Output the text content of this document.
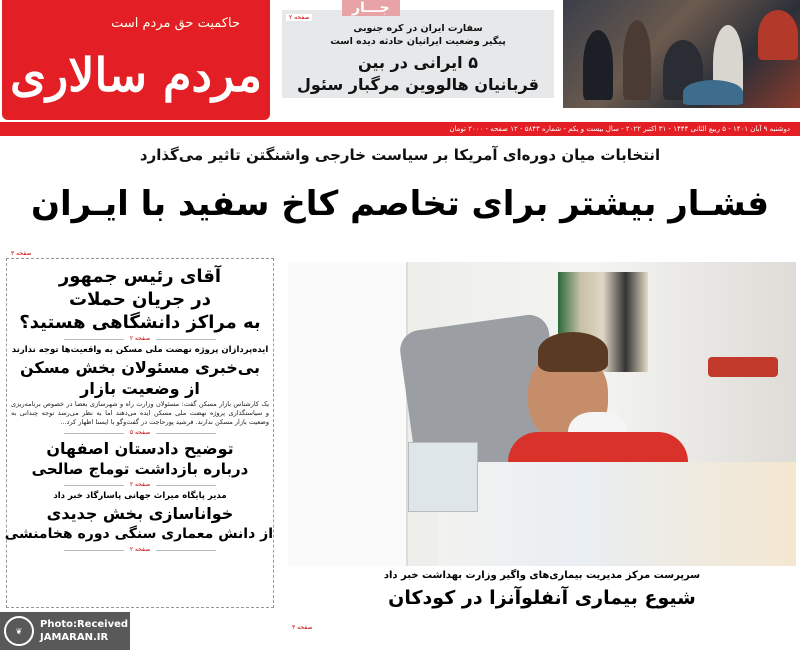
حاکمیت حق مردم است
مردم سالاری
جـــار
سفارت ایران در کره جنوبی
پیگیر وضعیت ایرانیان حادثه دیده است
۵ ایرانی در بین
قربانیان هالووین مرگبار سئول
صفحه ۲
دوشنبه ۹ آبان ۱۴۰۱ - ۵ ربیع الثانی ۱۴۴۴ - ۳۱ اکتبر ۲۰۲۲ - سال بیست و یکم - شماره ۵۸۴۳ - ۱۲ صفحه - ۲۰۰۰ تومان
انتخابات میان دوره‌ای آمریکا بر سیاست خارجی واشنگتن تاثیر می‌گذارد
فشـار بیشتر برای تخاصم کاخ سفید با ایـران
صفحه ۳
آقای رئیس جمهور
در جریان حملات
به مراکز دانشگاهی هستید؟
صفحه ۲
ایده‌پردازان پروژه نهضت ملی مسکن به واقعیت‌ها توجه ندارند
بی‌خبری مسئولان بخش مسکن
از وضعیت بازار
یک کارشناس بازار مسکن گفت: مسئولان وزارت راه و شهرسازی بعضا در خصوص برنامه‌ریزی و سیاستگذاری پروژه نهضت ملی مسکن ایده می‌دهند اما به نظر می‌رسد توجه چندانی به وضعیت بازار مسکن ندارند. فرشید پورحاجت در گفت‌وگو با ایسنا اظهار کرد...
صفحه ۵
توضیح دادستان اصفهان
درباره بازداشت توماج صالحی
صفحه ۲
مدیر پایگاه میراث جهانی پاسارگاد خبر داد
خواناسازی بخش جدیدی
از دانش معماری سنگی دوره هخامنشی
صفحه ۲
سرپرست مرکز مدیریت بیماری‌های واگیر وزارت بهداشت خبر داد
شیوع بیماری آنفلوآنزا در کودکان
صفحه ۳
❦
Photo:Received
JAMARAN.IR
